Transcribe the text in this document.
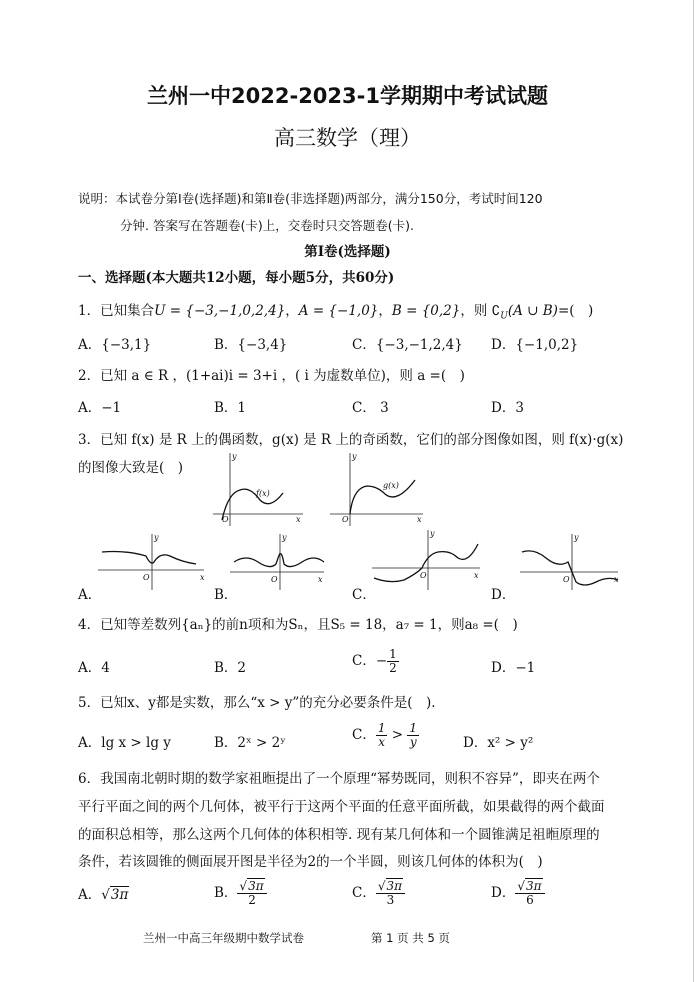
兰州一中2022-2023-1学期期中考试试题
高三数学（理）
说明：本试卷分第Ⅰ卷(选择题)和第Ⅱ卷(非选择题)两部分，满分150分，考试时间120
分钟. 答案写在答题卷(卡)上，交卷时只交答题卷(卡).
第Ⅰ卷(选择题)
一、选择题(本大题共12小题，每小题5分，共60分)
1．已知集合U = {−3,−1,0,2,4}，A = {−1,0}，B = {0,2}，则 $∁_U(A$ ∪ B)=(　)
A．{−3,1}	B．{−3,4}	C．{−3,−1,2,4} D．{−1,0,2}
2．已知 a ∈ R ，(1+ai)i = 3+i ，( i 为虚数单位)，则 a =(　)
A．−1	B．1	C． 3	D．3
3．已知 f(x) 是 R 上的偶函数，g(x) 是 R 上的奇函数，它们的部分图像如图，则 f(x)·g(x)
的图像大致是(　)
f(x)
x
y
O
g(x)
x
y
O
x
y
O
A．
x
y
O
B．
x
y
O
C．
x
y
O
D．
4．已知等差数列{aₙ}的前n项和为Sₙ，且S₅ = 18，a₇ = 1，则a₈ =(　)
A．4	B．2	C．− $\frac{1}{2}$	D．−1
5．已知x、y都是实数，那么“x > y”的充分必要条件是(　).
A．lg x > lg y	B．2ˣ > 2ʸ	C． $\frac{1}{x} > \frac{1}{y}$	D．x² > y²
6．我国南北朝时期的数学家祖暅提出了一个原理“幂势既同，则积不容异”，即夹在两个
平行平面之间的两个几何体，被平行于这两个平面的任意平面所截，如果截得的两个截面
的面积总相等，那么这两个几何体的体积相等. 现有某几何体和一个圆锥满足祖暅原理的
条件，若该圆锥的侧面展开图是半径为2的一个半圆，则该几何体的体积为(　)
A．√3π	B． $\frac{√3\pi}{2}$	C． $\frac{√3\pi}{3}$	D． $\frac{√3\pi}{6}$
兰州一中高三年级期中数学试卷	第 1 页 共 5 页
